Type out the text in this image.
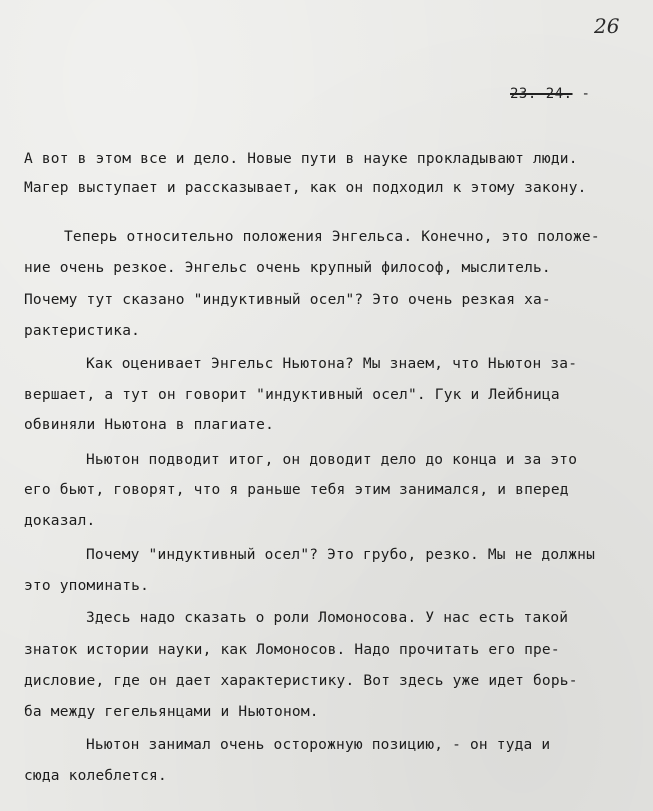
26
23. 24. -
А вот в этом все и дело. Новые пути в науке прокладывают люди.
Магер выступает и рассказывает, как он подходил к этому закону.
Теперь относительно положения Энгельса. Конечно, это положе-
ние очень резкое. Энгельс очень крупный философ, мыслитель.
Почему тут сказано "индуктивный осел"? Это очень резкая ха-
рактеристика.
Как оценивает Энгельс Ньютона? Мы знаем, что Ньютон за-
вершает, а тут он говорит "индуктивный осел". Гук и Лейбница
обвиняли Ньютона в плагиате.
Ньютон подводит итог, он доводит дело до конца и за это
его бьют, говорят, что я раньше тебя этим занимался, и вперед
доказал.
Почему "индуктивный осел"? Это грубо, резко. Мы не должны
это упоминать.
Здесь надо сказать о роли Ломоносова. У нас есть такой
знаток истории науки, как Ломоносов. Надо прочитать его пре-
дисловие, где он дает характеристику. Вот здесь уже идет борь-
ба между гегельянцами и Ньютоном.
Ньютон занимал очень осторожную позицию, - он туда и
сюда колеблется.
